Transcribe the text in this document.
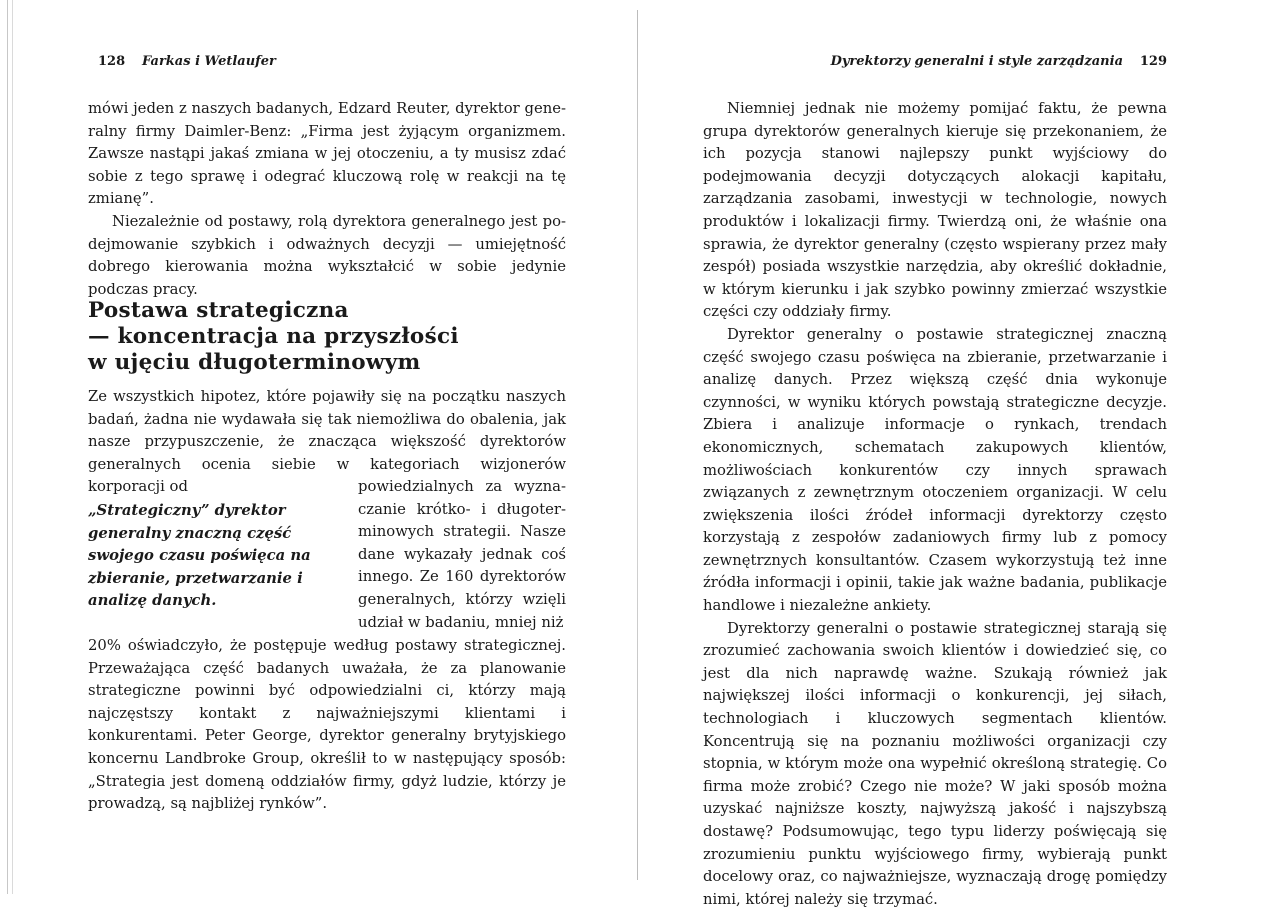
128 Farkas i Wetlaufer

mówi jeden z naszych badanych, Edzard Reuter, dyrektor generalny firmy Daimler-Benz: „Firma jest żyjącym organizmem. Zawsze nastąpi jakaś zmiana w jej otoczeniu, a ty musisz zdać sobie z tego sprawę i odegrać kluczową rolę w reakcji na tę zmianę”.

Niezależnie od postawy, rolą dyrektora generalnego jest podejmowanie szybkich i odważnych decyzji — umiejętność dobrego kierowania można wykształcić w sobie jedynie podczas pracy.

Postawa strategiczna
— koncentracja na przyszłości
w ujęciu długoterminowym

Ze wszystkich hipotez, które pojawiły się na początku naszych badań, żadna nie wydawała się tak niemożliwa do obalenia, jak nasze przypuszczenie, że znacząca większość dyrektorów generalnych ocenia siebie w kategoriach wizjonerów korporacji od

„Strategiczny” dyrektor generalny znaczną część swojego czasu poświęca na zbieranie, przetwarzanie i analizę danych.
powiedzialnych za wyznaczanie krótko- i długoterminowych strategii. Nasze dane wykazały jednak coś innego. Ze 160 dyrektorów generalnych, którzy wzięli udział w badaniu, mniej niż

20% oświadczyło, że postępuje według postawy strategicznej. Przeważająca część badanych uważała, że za planowanie strategiczne powinni być odpowiedzialni ci, którzy mają najczęstszy kontakt z najważniejszymi klientami i konkurentami. Peter George, dyrektor generalny brytyjskiego koncernu Landbroke Group, określił to w następujący sposób: „Strategia jest domeną oddziałów firmy, gdyż ludzie, którzy je prowadzą, są najbliżej rynków”.

Dyrektorzy generalni i style zarządzania 129

Niemniej jednak nie możemy pomijać faktu, że pewna grupa dyrektorów generalnych kieruje się przekonaniem, że ich pozycja stanowi najlepszy punkt wyjściowy do podejmowania decyzji dotyczących alokacji kapitału, zarządzania zasobami, inwestycji w technologie, nowych produktów i lokalizacji firmy. Twierdzą oni, że właśnie ona sprawia, że dyrektor generalny (często wspierany przez mały zespół) posiada wszystkie narzędzia, aby określić dokładnie, w którym kierunku i jak szybko powinny zmierzać wszystkie części czy oddziały firmy.

Dyrektor generalny o postawie strategicznej znaczną część swojego czasu poświęca na zbieranie, przetwarzanie i analizę danych. Przez większą część dnia wykonuje czynności, w wyniku których powstają strategiczne decyzje. Zbiera i analizuje informacje o rynkach, trendach ekonomicznych, schematach zakupowych klientów, możliwościach konkurentów czy innych sprawach związanych z zewnętrznym otoczeniem organizacji. W celu zwiększenia ilości źródeł informacji dyrektorzy często korzystają z zespołów zadaniowych firmy lub z pomocy zewnętrznych konsultantów. Czasem wykorzystują też inne źródła informacji i opinii, takie jak ważne badania, publikacje handlowe i niezależne ankiety.

Dyrektorzy generalni o postawie strategicznej starają się zrozumieć zachowania swoich klientów i dowiedzieć się, co jest dla nich naprawdę ważne. Szukają również jak największej ilości informacji o konkurencji, jej siłach, technologiach i kluczowych segmentach klientów. Koncentrują się na poznaniu możliwości organizacji czy stopnia, w którym może ona wypełnić określoną strategię. Co firma może zrobić? Czego nie może? W jaki sposób można uzyskać najniższe koszty, najwyższą jakość i najszybszą dostawę? Podsumowując, tego typu liderzy poświęcają się zrozumieniu punktu wyjściowego firmy, wybierają punkt docelowy oraz, co najważniejsze, wyznaczają drogę pomiędzy nimi, której należy się trzymać.
